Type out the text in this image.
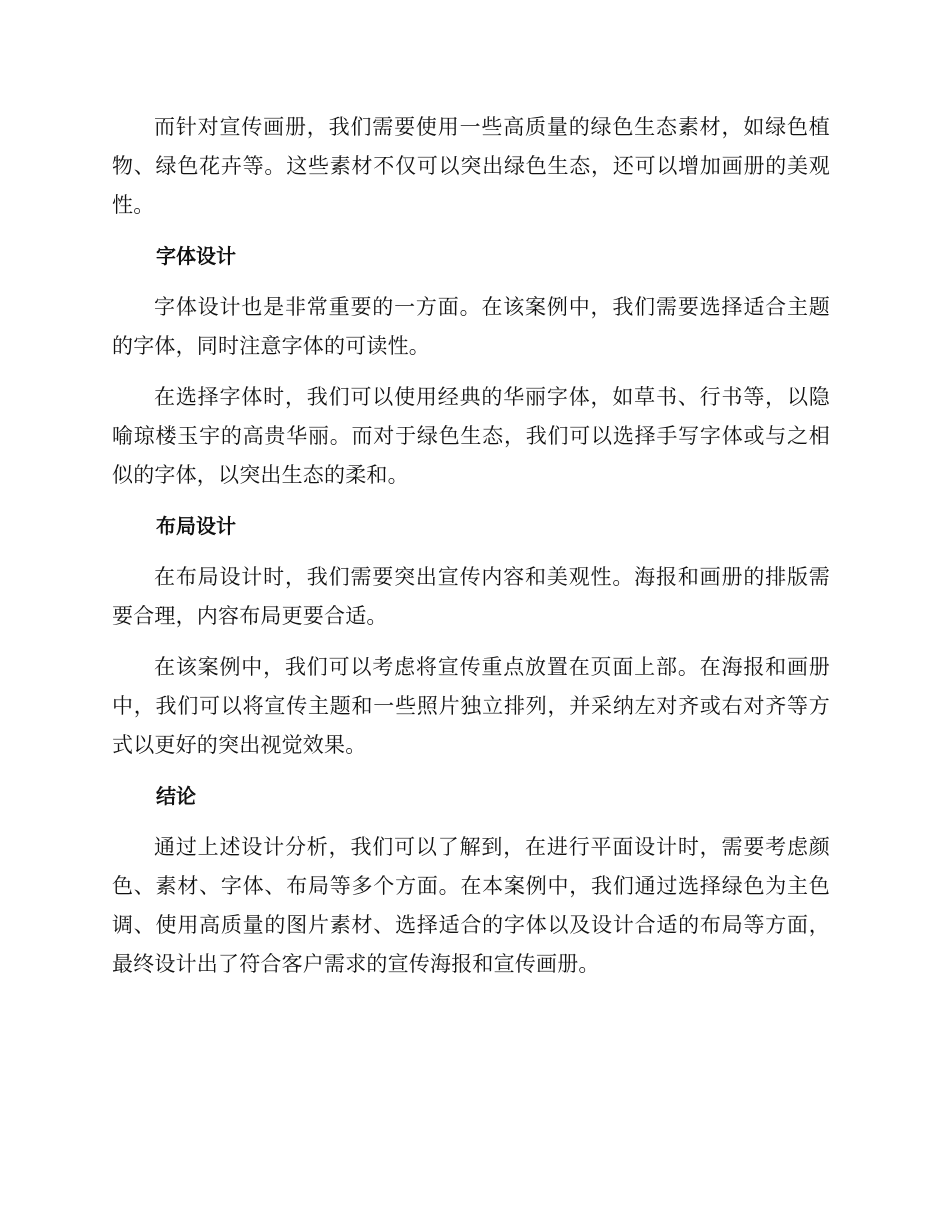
而针对宣传画册，我们需要使用一些高质量的绿色生态素材，如绿色植物、绿色花卉等。这些素材不仅可以突出绿色生态，还可以增加画册的美观性。

字体设计

字体设计也是非常重要的一方面。在该案例中，我们需要选择适合主题的字体，同时注意字体的可读性。

在选择字体时，我们可以使用经典的华丽字体，如草书、行书等，以隐喻琼楼玉宇的高贵华丽。而对于绿色生态，我们可以选择手写字体或与之相似的字体，以突出生态的柔和。

布局设计

在布局设计时，我们需要突出宣传内容和美观性。海报和画册的排版需要合理，内容布局更要合适。

在该案例中，我们可以考虑将宣传重点放置在页面上部。在海报和画册中，我们可以将宣传主题和一些照片独立排列，并采纳左对齐或右对齐等方式以更好的突出视觉效果。

结论

通过上述设计分析，我们可以了解到，在进行平面设计时，需要考虑颜色、素材、字体、布局等多个方面。在本案例中，我们通过选择绿色为主色调、使用高质量的图片素材、选择适合的字体以及设计合适的布局等方面，最终设计出了符合客户需求的宣传海报和宣传画册。
